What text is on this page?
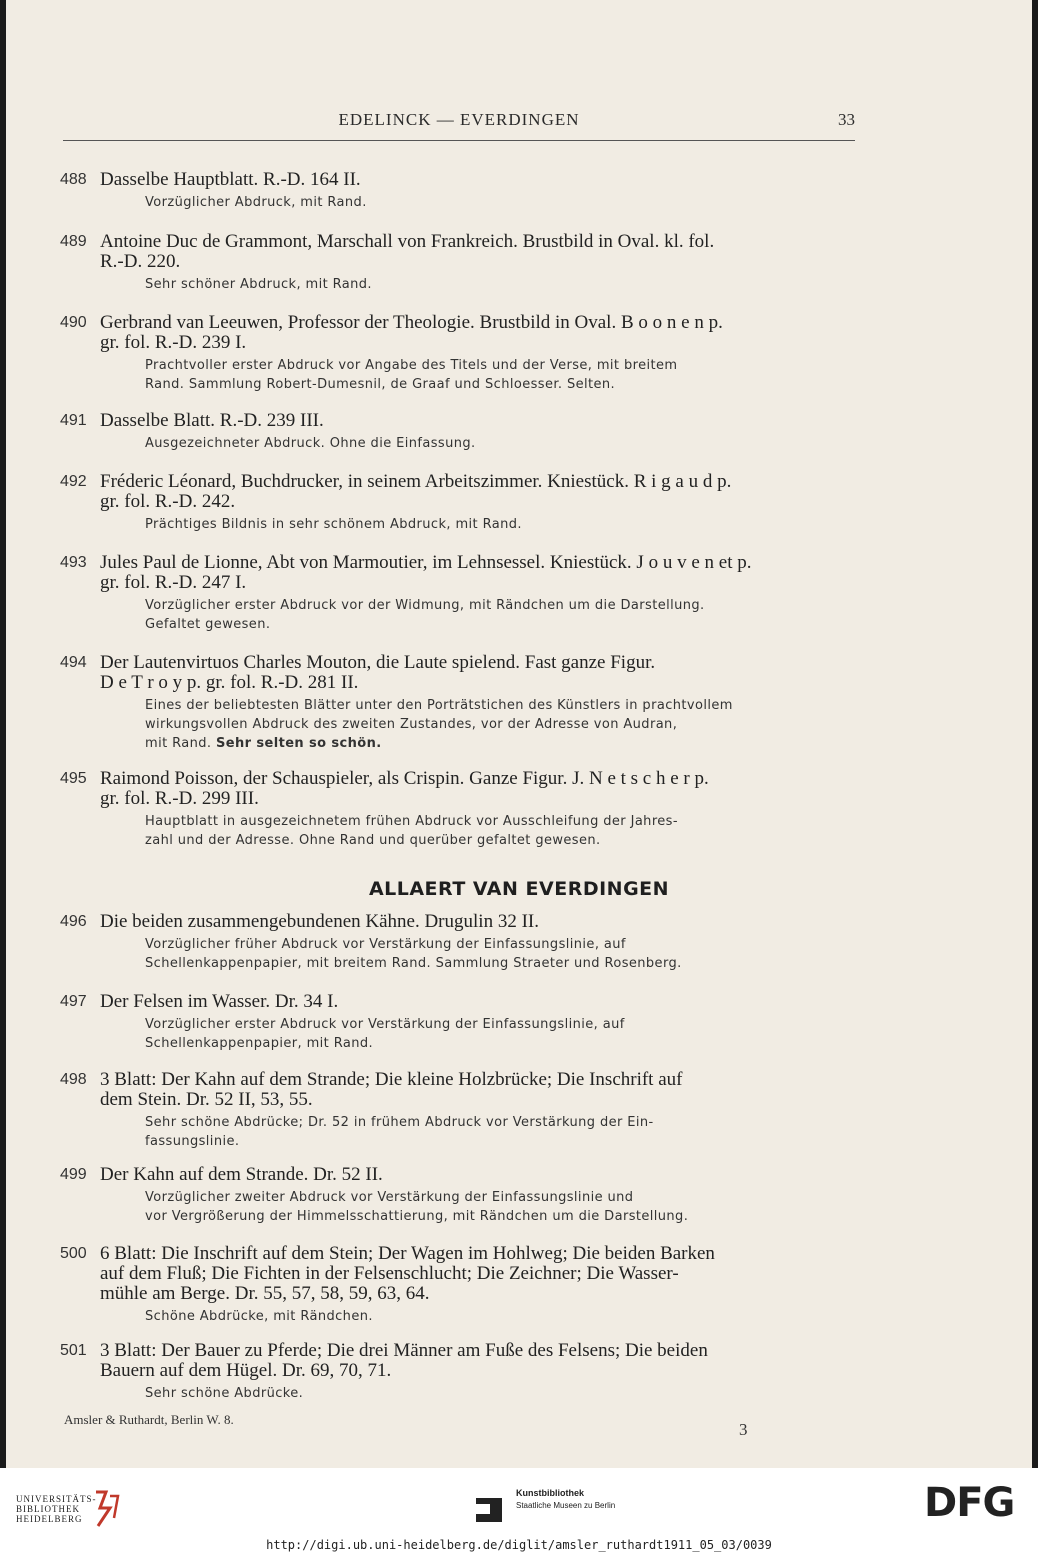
EDELINCK — EVERDINGEN	33
488 Dasselbe Hauptblatt. R.-D. 164 II.
Vorzüglicher Abdruck, mit Rand.
489 Antoine Duc de Grammont, Marschall von Frankreich. Brustbild in Oval. kl. fol.
R.-D. 220.
Sehr schöner Abdruck, mit Rand.
490 Gerbrand van Leeuwen, Professor der Theologie. Brustbild in Oval. B o o n e n p.
gr. fol. R.-D. 239 I.
Prachtvoller erster Abdruck vor Angabe des Titels und der Verse, mit breitem
Rand. Sammlung Robert-Dumesnil, de Graaf und Schloesser. Selten.
491 Dasselbe Blatt. R.-D. 239 III.
Ausgezeichneter Abdruck. Ohne die Einfassung.
492 Fréderic Léonard, Buchdrucker, in seinem Arbeitszimmer. Kniestück. R i g a u d p.
gr. fol. R.-D. 242.
Prächtiges Bildnis in sehr schönem Abdruck, mit Rand.
493 Jules Paul de Lionne, Abt von Marmoutier, im Lehnsessel. Kniestück. J o u v e n et p.
gr. fol. R.-D. 247 I.
Vorzüglicher erster Abdruck vor der Widmung, mit Rändchen um die Darstellung.
Gefaltet gewesen.
494 Der Lautenvirtuos Charles Mouton, die Laute spielend. Fast ganze Figur.
D e T r o y p. gr. fol. R.-D. 281 II.
Eines der beliebtesten Blätter unter den Porträtstichen des Künstlers in prachtvollem
wirkungsvollen Abdruck des zweiten Zustandes, vor der Adresse von Audran,
mit Rand. Sehr selten so schön.
495 Raimond Poisson, der Schauspieler, als Crispin. Ganze Figur. J. N e t s c h e r p.
gr. fol. R.-D. 299 III.
Hauptblatt in ausgezeichnetem frühen Abdruck vor Ausschleifung der Jahres-
zahl und der Adresse. Ohne Rand und querüber gefaltet gewesen.
ALLAERT VAN EVERDINGEN
496 Die beiden zusammengebundenen Kähne. Drugulin 32 II.
Vorzüglicher früher Abdruck vor Verstärkung der Einfassungslinie, auf
Schellenkappenpapier, mit breitem Rand. Sammlung Straeter und Rosenberg.
497 Der Felsen im Wasser. Dr. 34 I.
Vorzüglicher erster Abdruck vor Verstärkung der Einfassungslinie, auf
Schellenkappenpapier, mit Rand.
498 3 Blatt: Der Kahn auf dem Strande; Die kleine Holzbrücke; Die Inschrift auf
dem Stein. Dr. 52 II, 53, 55.
Sehr schöne Abdrücke; Dr. 52 in frühem Abdruck vor Verstärkung der Ein-
fassungslinie.
499 Der Kahn auf dem Strande. Dr. 52 II.
Vorzüglicher zweiter Abdruck vor Verstärkung der Einfassungslinie und
vor Vergrößerung der Himmelsschattierung, mit Rändchen um die Darstellung.
500 6 Blatt: Die Inschrift auf dem Stein; Der Wagen im Hohlweg; Die beiden Barken
auf dem Fluß; Die Fichten in der Felsenschlucht; Die Zeichner; Die Wasser-
mühle am Berge. Dr. 55, 57, 58, 59, 63, 64.
Schöne Abdrücke, mit Rändchen.
501 3 Blatt: Der Bauer zu Pferde; Die drei Männer am Fuße des Felsens; Die beiden
Bauern auf dem Hügel. Dr. 69, 70, 71.
Sehr schöne Abdrücke.
Amsler & Ruthardt, Berlin W. 8.
3
UNIVERSITÄTS-
BIBLIOTHEK
HEIDELBERG
Kunstbibliothek
Staatliche Museen zu Berlin	DFG
http://digi.ub.uni-heidelberg.de/diglit/amsler_ruthardt1911_05_03/0039
